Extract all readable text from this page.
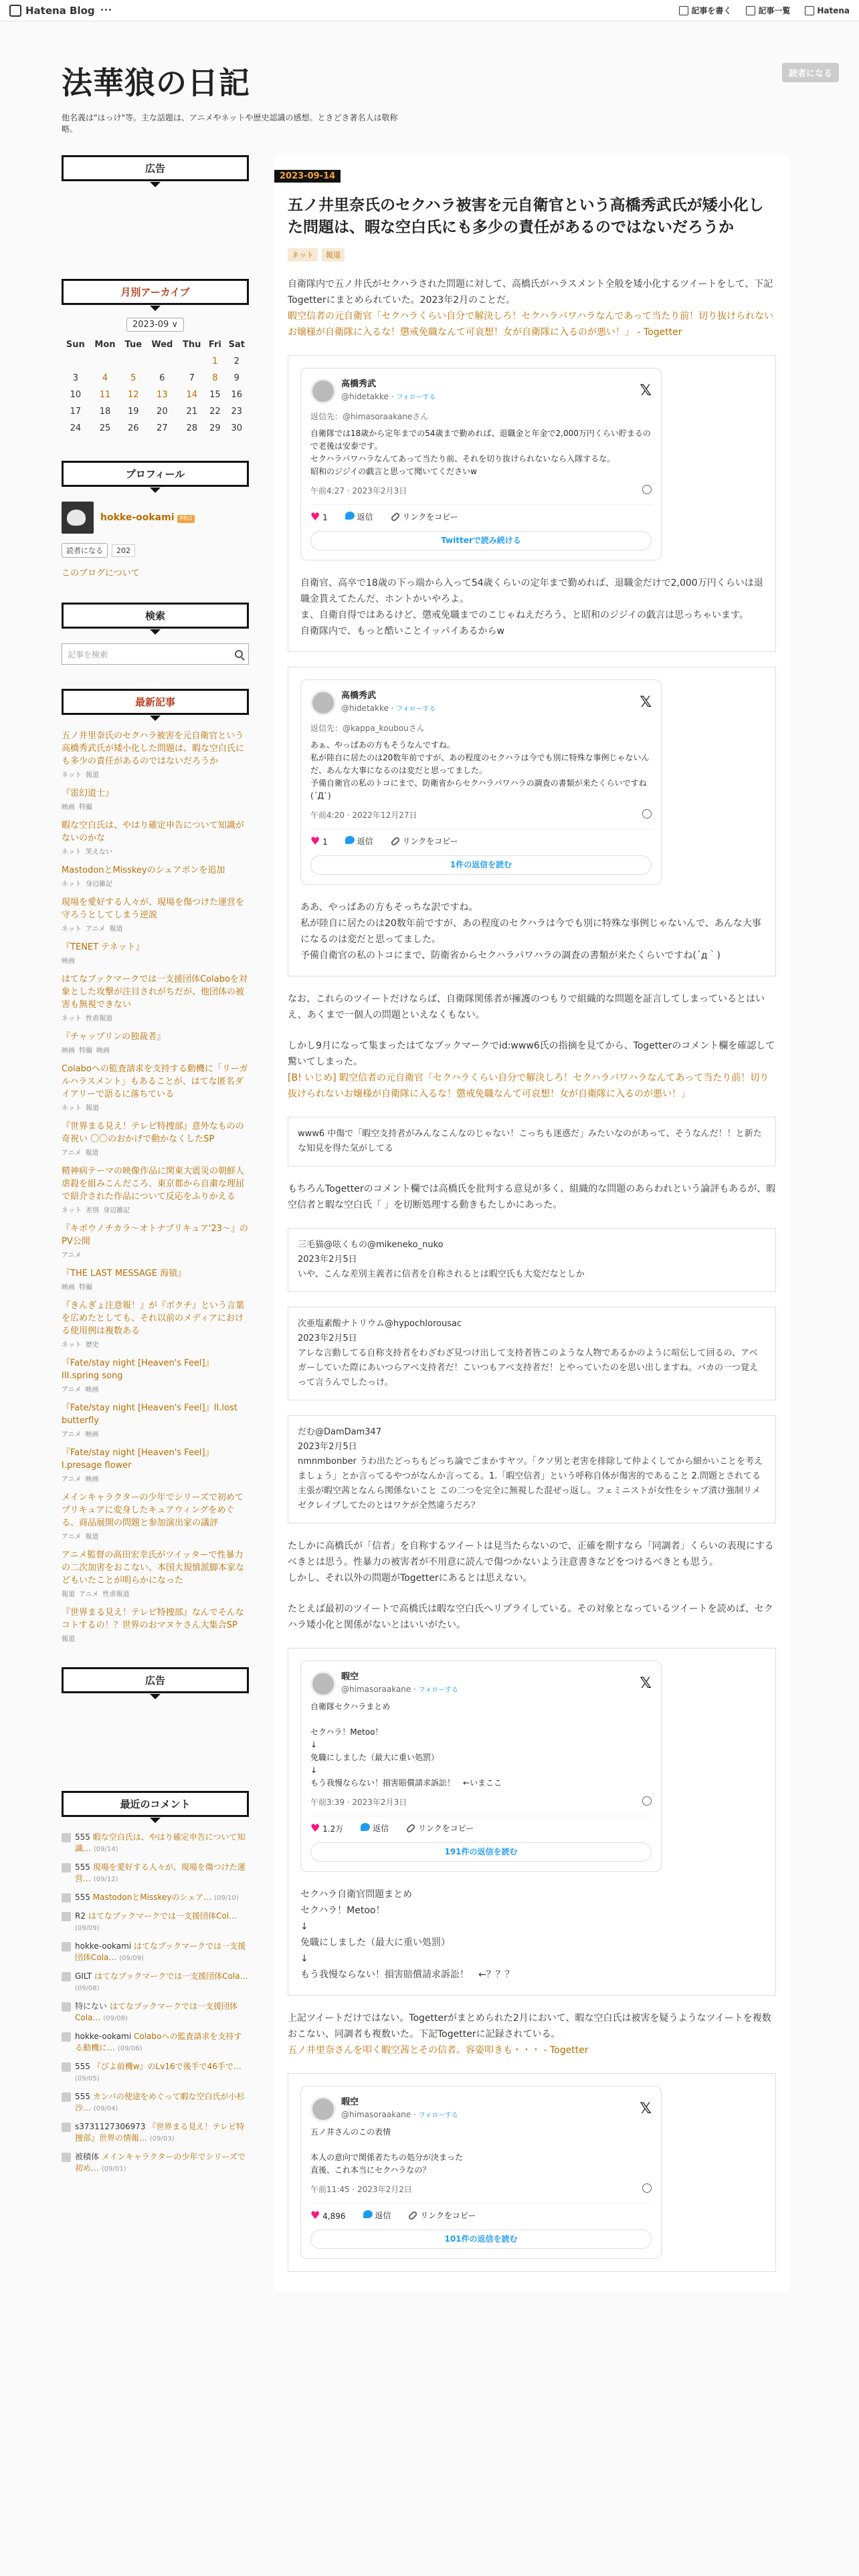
Hatena Blog •••	記事を書く	記事一覧	Hatena
法華狼の日記
他名義は"はっけ"等。主な話題は、アニメやネットや歴史認識の感想。ときどき著名人は敬称略。
読者になる
広告
月別アーカイブ
2023-09 ∨
Sun	Mon	Tue	Wed	Thu	Fri	Sat
					1	2
3	4	5	6	7	8	9
10	11	12	13	14	15	16
17	18	19	20	21	22	23
24	25	26	27	28	29	30
プロフィール
hokke-ookami PRO
読者になる	202
このブログについて
検索
記事を検索
最新記事
五ノ井里奈氏のセクハラ被害を元自衛官という高橋秀武氏が矮小化した問題は、暇な空白氏にも多少の責任があるのではないだろうか
ネット 報道
『雷幻道士』
映画 特撮
暇な空白氏は、やはり確定申告について知識がないのかな
ネット 笑えない
MastodonとMisskeyのシェアポンを追加
ネット 身辺雑記
現場を愛好する人々が、現場を傷つけた運営を守ろうとしてしまう逆説
ネット アニメ 報道
『TENET テネット』
映画
はてなブックマークでは一支援団体Colaboを対象とした攻撃が注目されがちだが、他団体の被害も無視できない
ネット 性虐報道
『チャップリンの独裁者』
映画 特撮 映画
Colaboへの監査請求を支持する動機に「リーガルハラスメント」もあることが、はてな匿名ダイアリーで語るに落ちている
ネット 報道
『世界まる見え！テレビ特捜部』意外なものの奇祝い 〇〇のおかげで動かなくしたSP
アニメ 報道
精神病テーマの映像作品に関東大震災の朝鮮人虐殺を組みこんだころ、東京都から自粛な理屈で紹介された作品について反応をふりかえる
ネット 差別 身辺雑記
『キボウノチカラ〜オトナプリキュア'23〜』のPV公開
アニメ
『THE LAST MESSAGE 海猿』
映画 特撮
『きんぎょ注意報！』が『ボクチ』という言葉を広めたとしても、それ以前のメディアにおける使用例は複数ある
ネット 歴史
『Fate/stay night [Heaven's Feel]』III.spring song
アニメ 映画
『Fate/stay night [Heaven's Feel]』II.lost butterfly
アニメ 映画
『Fate/stay night [Heaven's Feel]』I.presage flower
アニメ 映画
メインキャラクターの少年でシリーズで初めてプリキュアに変身したキュアウィングをめぐる、商品展開の問題と参加演出家の議評
アニメ 報道
アニメ監督の高田宏幸氏がツイッターで性暴力の二次加害をおこない、本国大規慎派脚本家などもいたことが明らかになった
報道 アニメ 性虐報道
『世界まる見え！テレビ特捜部』なんでそんなコトするの！？世界のおマヌケさん大集合SP
報道
広告
最近のコメント
555 暇な空白氏は、やはり確定申告について知識… (09/14)
555 現場を愛好する人々が、現場を傷つけた運営… (09/12)
555 MastodonとMisskeyのシェア… (09/10)
R2 はてなブックマークでは一支援団体Col… (09/09)
hokke-ookami はてなブックマークでは一支援団体Cola… (09/09)
GILT はてなブックマークでは一支援団体Cola… (09/08)
特にない はてなブックマークでは一支援団体Cola… (09/08)
hokke-ookami Colaboへの監査請求を支持する動機に… (09/06)
555 『びよ前機w』のLv16で後手で46手で… (09/05)
555 カンパの使途をめぐって暇な空白氏が小杉沙… (09/04)
s3731127306973 『世界まる見え！テレビ特捜部』世界の情報… (09/03)
被積体 メインキャラクターの少年でシリーズで初め… (09/01)
2023-09-14
五ノ井里奈氏のセクハラ被害を元自衛官という高橋秀武氏が矮小化した問題は、暇な空白氏にも多少の責任があるのではないだろうか
ネット	報道

自衛隊内で五ノ井氏がセクハラされた問題に対して、高橋氏がハラスメント全般を矮小化するツイートをして、下記Togetterにまとめられていた。2023年2月のことだ。
暇空信者の元自衛官「セクハラくらい自分で解決しろ！セクハラパワハラなんであって当たり前！切り抜けられないお嬢様が自衛隊に入るな！懲戒免職なんて可哀想！女が自衛隊に入るのが悪い！」 - Togetter

高橋秀武
@hidetakke · フォローする	𝕏
返信先：@himasoraakaneさん
自衛隊では18歳から定年までの54歳まで勤めれば、退職金と年金で2,000万円くらい貯まるので老後は安泰です。
セクハラパワハラなんてあって当たり前、それを切り抜けられないなら入隊するな。
昭和のジジイの戯言と思って聞いてくださいw
午前4:27 · 2023年2月3日
♥ 1	返信	リンクをコピー
Twitterで読み続ける

自衛官、高卒で18歳の下っ端から入って54歳くらいの定年まで勤めれば、退職金だけで2,000万円くらいは退職金貰えてたんだ、ホントかいやろよ。
ま、自衛自得ではあるけど、懲戒免職までのこじゃねえだろう、と昭和のジジイの戯言は思っちゃいます。
自衛隊内で、もっと酷いことイッパイあるからw

高橋秀武
@hidetakke · フォローする	𝕏
返信先：@kappa_koubouさん
あぁ、やっぱあの方もそうなんですね。
私が陸自に居たのは20数年前ですが、あの程度のセクハラは今でも別に特殊な事例じゃないんだ、あんな大事になるのは変だと思ってました。
予備自衛官の私のトコにまで、防衛省からセクハラパワハラの調査の書類が来たくらいですね(´Д`)
午前4:20 · 2022年12月27日
♥ 1	返信	リンクをコピー
1件の返信を読む

ああ、やっぱあの方もそっちな訳ですね。
私が陸自に居たのは20数年前ですが、あの程度のセクハラは今でも別に特殊な事例じゃないんで、あんな大事になるのは変だと思ってました。
予備自衛官の私のトコにまで、防衛省からセクハラパワハラの調査の書類が来たくらいですね(´д｀)

なお、これらのツイートだけならば、自衛隊関係者が擁護のつもりで組織的な問題を証言してしまっているとはいえ、あくまで一個人の問題といえなくもない。

しかし9月になって集まったはてなブックマークでid:www6氏の指摘を見てから、Togetterのコメント欄を確認して驚いてしまった。
[B! いじめ] 暇空信者の元自衛官「セクハラくらい自分で解決しろ！セクハラパワハラなんてあって当たり前！切り抜けられないお嬢様が自衛隊に入るな！懲戒免職なんて可哀想！女が自衛隊に入るのが悪い！」

www6 中傷で「暇空支持者がみんなこんなのじゃない！こっちも迷惑だ」みたいなのがあって、そうなんだ！！と新たな知見を得た気がしてる

もちろんTogetterのコメント欄では高橋氏を批判する意見が多く、組織的な問題のあらわれという論評もあるが、暇空信者と暇な空白氏「 」を切断処理する動きもたしかにあった。

三毛猫@呟くもの@mikeneko_nuko
2023年2月5日
いや、こんな差別主義者に信者を自称されるとは暇空氏も大変だなとしか
次亜塩素酸ナトリウム@hypochlorousac
2023年2月5日
アレな言動してる自称支持者をわざわざ見つけ出して支持者皆このような人物であるかのように喧伝して回るの、アベガーしていた際にあいつらアベ支持者だ！こいつもアベ支持者だ！とやっていたのを思い出しますね。バカの一つ覚えって言うんでしたっけ。
だむ@DamDam347
2023年2月5日
nmnmbonber うわ出たどっちもどっち論でごまかすヤツ。「クソ男と老害を排除して仲よくしてから細かいことを考えましょう」とか言ってるやつがなんか言ってる。1.「暇空信者」という呼称自体が傷害的であること 2.問題とされてる主張が暇空茜となんら関係ないこと この二つを完全に無視した混ぜっ返し。フェミニストが女性をシャブ漬け強制リメゼクレイプしてたのとはワケが全然違うだろ？

たしかに高橋氏が「信者」を自称するツイートは見当たらないので、正確を期すなら「同調者」くらいの表現にするべきとは思う。性暴力の被害者が不用意に読んで傷つかないよう注意書きなどをつけるべきとも思う。
しかし、それ以外の問題がTogetterにあるとは思えない。

たとえば最初のツイートで高橋氏は暇な空白氏へリプライしている。その対象となっているツイートを読めば、セクハラ矮小化と関係がないとはいいがたい。

暇空
@himasoraakane · フォローする	𝕏
自衛隊セクハラまとめ

セクハラ！Metoo！
↓
免職にしました（最大に重い処罰）
↓
もう我慢ならない！損害賠償請求訴訟！　←いまここ
午前3:39 · 2023年2月3日
♥ 1.2万	返信	リンクをコピー
191件の返信を読む

セクハラ自衛官問題まとめ
セクハラ！Metoo！
↓
免職にしました（最大に重い処罰）
↓
もう我慢ならない！損害賠償請求訴訟！　←？？？

上記ツイートだけではない。Togetterがまとめられた2月において、暇な空白氏は被害を疑うようなツイートを複数おこない、同調者も複数いた。下記Togetterに記録されている。
五ノ井里奈さんを叩く暇空茜とその信者。容姿叩きも・・・ - Togetter

暇空
@himasoraakane · フォローする	𝕏
五ノ井さんのこの表情

本人の意向で関係者たちの処分が決まった
直後、これ本当にセクハラなの？
午前11:45 · 2023年2月2日
♥ 4,896	返信	リンクをコピー
101件の返信を読む
